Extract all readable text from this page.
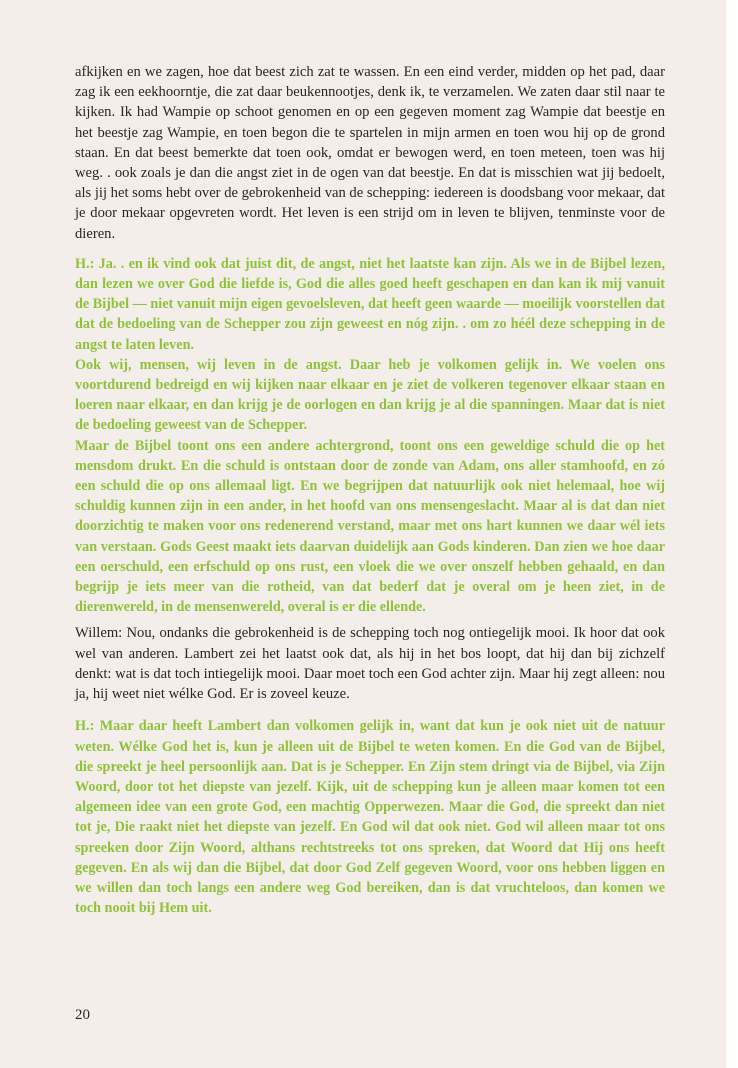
afkijken en we zagen, hoe dat beest zich zat te wassen. En een eind verder, midden op het pad, daar zag ik een eekhoorntje, die zat daar beukennootjes, denk ik, te verzamelen. We zaten daar stil naar te kijken. Ik had Wampie op schoot genomen en op een gegeven moment zag Wampie dat beestje en het beestje zag Wampie, en toen begon die te spartelen in mijn armen en toen wou hij op de grond staan. En dat beest bemerkte dat toen ook, omdat er bewogen werd, en toen meteen, toen was hij weg. . ook zoals je dan die angst ziet in de ogen van dat beestje. En dat is misschien wat jij bedoelt, als jij het soms hebt over de gebrokenheid van de schepping: iedereen is doodsbang voor mekaar, dat je door mekaar opgevreten wordt. Het leven is een strijd om in leven te blijven, tenminste voor de dieren.

H.: Ja. . en ik vind ook dat juist dit, de angst, niet het laatste kan zijn. Als we in de Bijbel lezen, dan lezen we over God die liefde is, God die alles goed heeft geschapen en dan kan ik mij vanuit de Bijbel — niet vanuit mijn eigen gevoelsleven, dat heeft geen waarde — moeilijk voorstellen dat dat de bedoeling van de Schepper zou zijn geweest en nóg zijn. . om zo héél deze schepping in de angst te laten leven.

Ook wij, mensen, wij leven in de angst. Daar heb je volkomen gelijk in. We voelen ons voortdurend bedreigd en wij kijken naar elkaar en je ziet de volkeren tegenover elkaar staan en loeren naar elkaar, en dan krijg je de oorlogen en dan krijg je al die spanningen. Maar dat is niet de bedoeling geweest van de Schepper.

Maar de Bijbel toont ons een andere achtergrond, toont ons een geweldige schuld die op het mensdom drukt. En die schuld is ontstaan door de zonde van Adam, ons aller stamhoofd, en zó een schuld die op ons allemaal ligt. En we begrijpen dat natuurlijk ook niet helemaal, hoe wij schuldig kunnen zijn in een ander, in het hoofd van ons mensengeslacht. Maar al is dat dan niet doorzichtig te maken voor ons redenerend verstand, maar met ons hart kunnen we daar wél iets van verstaan. Gods Geest maakt iets daarvan duidelijk aan Gods kinderen. Dan zien we hoe daar een oerschuld, een erfschuld op ons rust, een vloek die we over onszelf hebben gehaald, en dan begrijp je iets meer van die rotheid, van dat bederf dat je overal om je heen ziet, in de dierenwereld, in de mensenwereld, overal is er die ellende.

Willem: Nou, ondanks die gebrokenheid is de schepping toch nog ontiegelijk mooi. Ik hoor dat ook wel van anderen. Lambert zei het laatst ook dat, als hij in het bos loopt, dat hij dan bij zichzelf denkt: wat is dat toch intiegelijk mooi. Daar moet toch een God achter zijn. Maar hij zegt alleen: nou ja, hij weet niet wélke God. Er is zoveel keuze.

H.: Maar daar heeft Lambert dan volkomen gelijk in, want dat kun je ook niet uit de natuur weten. Wélke God het is, kun je alleen uit de Bijbel te weten komen. En die God van de Bijbel, die spreekt je heel persoonlijk aan. Dat is je Schepper. En Zijn stem dringt via de Bijbel, via Zijn Woord, door tot het diepste van jezelf. Kijk, uit de schepping kun je alleen maar komen tot een algemeen idee van een grote God, een machtig Opperwezen. Maar die God, die spreekt dan niet tot je, Die raakt niet het diepste van jezelf. En God wil dat ook niet. God wil alleen maar tot ons spreeken door Zijn Woord, althans rechtstreeks tot ons spreken, dat Woord dat Hij ons heeft gegeven. En als wij dan die Bijbel, dat door God Zelf gegeven Woord, voor ons hebben liggen en we willen dan toch langs een andere weg God bereiken, dan is dat vruchteloos, dan komen we toch nooit bij Hem uit.

20
